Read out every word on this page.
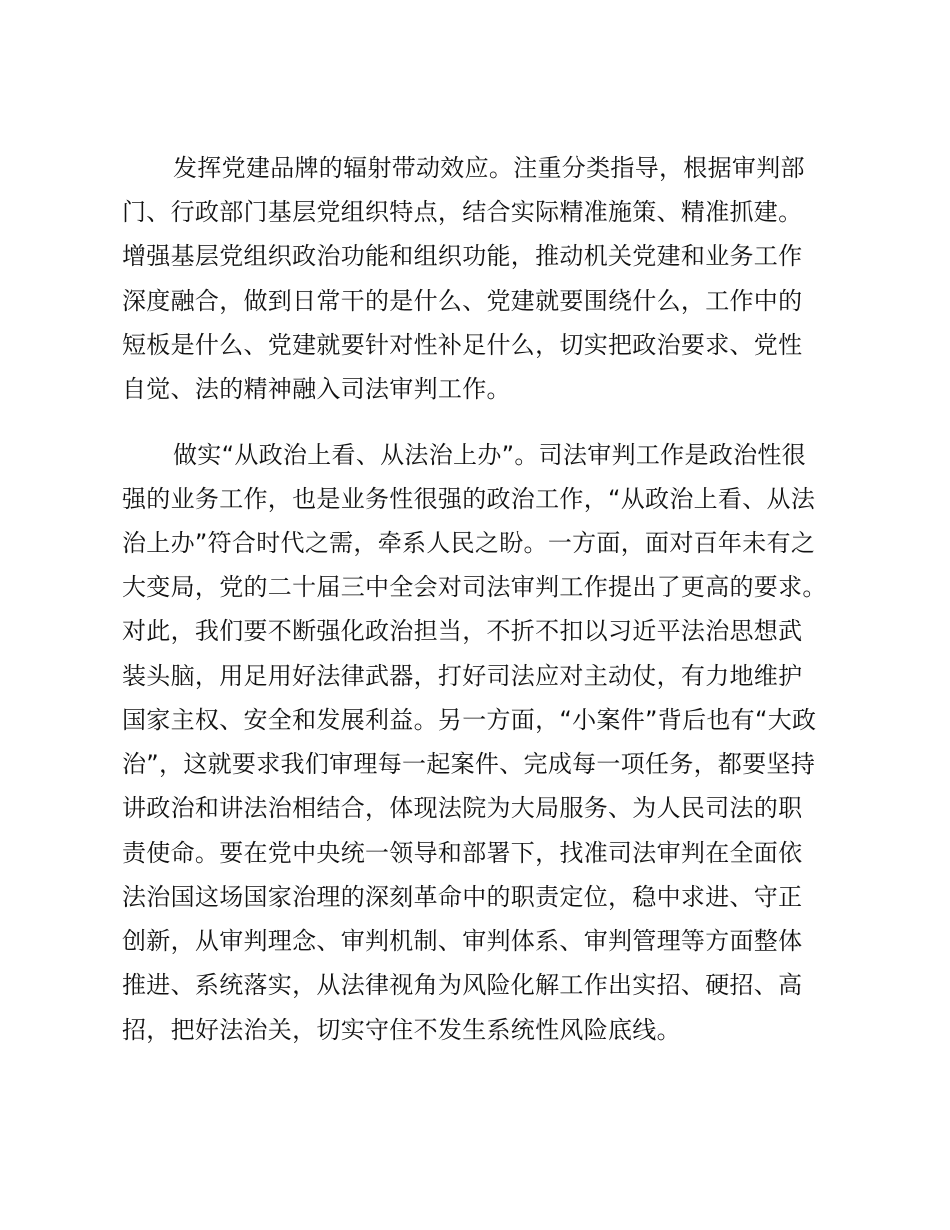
发挥党建品牌的辐射带动效应。注重分类指导，根据审判部
门、行政部门基层党组织特点，结合实际精准施策、精准抓建。
增强基层党组织政治功能和组织功能，推动机关党建和业务工作
深度融合，做到日常干的是什么、党建就要围绕什么，工作中的
短板是什么、党建就要针对性补足什么，切实把政治要求、党性
自觉、法的精神融入司法审判工作。
做实“从政治上看、从法治上办”。司法审判工作是政治性很
强的业务工作，也是业务性很强的政治工作，“从政治上看、从法
治上办”符合时代之需，牵系人民之盼。一方面，面对百年未有之
大变局，党的二十届三中全会对司法审判工作提出了更高的要求。
对此，我们要不断强化政治担当，不折不扣以习近平法治思想武
装头脑，用足用好法律武器，打好司法应对主动仗，有力地维护
国家主权、安全和发展利益。另一方面，“小案件”背后也有“大政
治”，这就要求我们审理每一起案件、完成每一项任务，都要坚持
讲政治和讲法治相结合，体现法院为大局服务、为人民司法的职
责使命。要在党中央统一领导和部署下，找准司法审判在全面依
法治国这场国家治理的深刻革命中的职责定位，稳中求进、守正
创新，从审判理念、审判机制、审判体系、审判管理等方面整体
推进、系统落实，从法律视角为风险化解工作出实招、硬招、高
招，把好法治关，切实守住不发生系统性风险底线。
